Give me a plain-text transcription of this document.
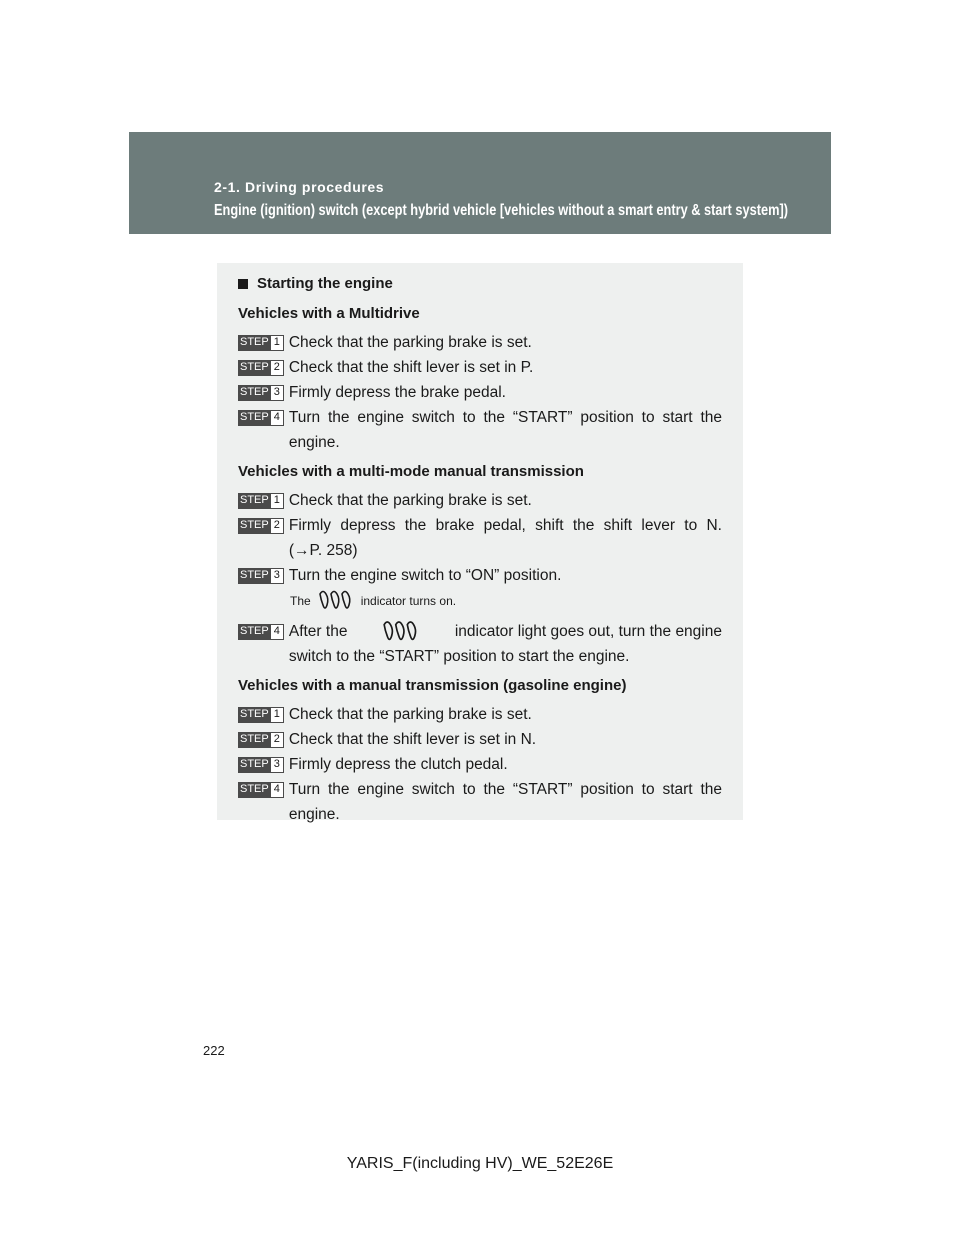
2-1. Driving procedures
Engine (ignition) switch (except hybrid vehicle [vehicles without a smart entry & start system])
Starting the engine
Vehicles with a Multidrive
STEP 1 Check that the parking brake is set.
STEP 2 Check that the shift lever is set in P.
STEP 3 Firmly depress the brake pedal.
STEP 4 Turn the engine switch to the “START” position to start the
engine.
Vehicles with a multi-mode manual transmission
STEP 1 Check that the parking brake is set.
STEP 2 Firmly depress the brake pedal, shift the shift lever to N.
(→P. 258)
STEP 3 Turn the engine switch to “ON” position.
The	indicator turns on.
STEP 4 After the	indicator light goes out, turn the engine
switch to the “START” position to start the engine.
Vehicles with a manual transmission (gasoline engine)
STEP 1 Check that the parking brake is set.
STEP 2 Check that the shift lever is set in N.
STEP 3 Firmly depress the clutch pedal.
STEP 4 Turn the engine switch to the “START” position to start the
engine.
222
YARIS_F(including HV)_WE_52E26E
